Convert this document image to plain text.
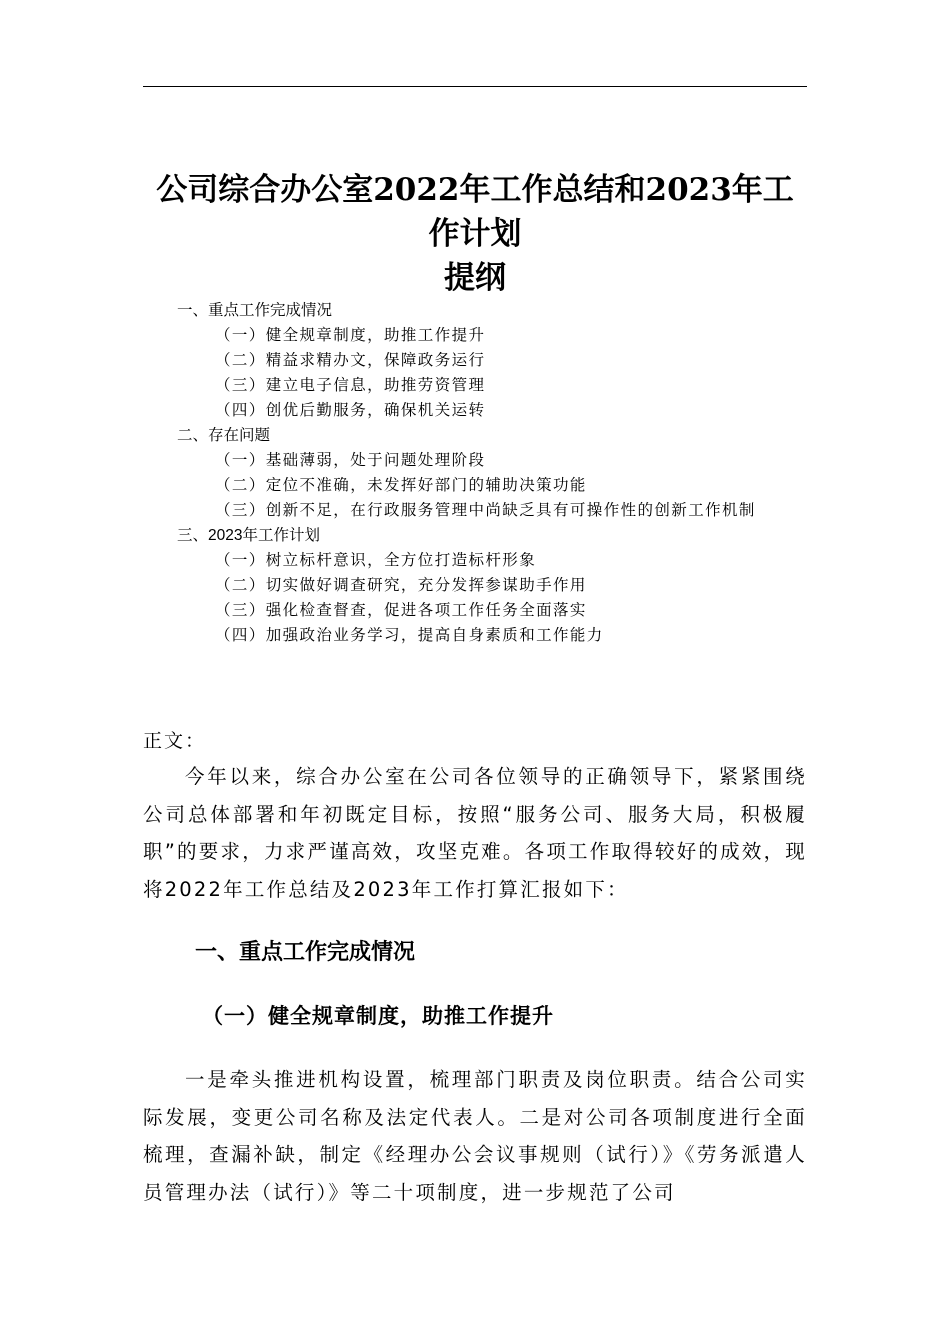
公司综合办公室2022年工作总结和2023年工
作计划
提纲
一、重点工作完成情况
（一）健全规章制度，助推工作提升
（二）精益求精办文，保障政务运行
（三）建立电子信息，助推劳资管理
（四）创优后勤服务，确保机关运转
二、存在问题
（一）基础薄弱，处于问题处理阶段
（二）定位不准确，未发挥好部门的辅助决策功能
（三）创新不足，在行政服务管理中尚缺乏具有可操作性的创新工作机制
三、2023年工作计划
（一）树立标杆意识，全方位打造标杆形象
（二）切实做好调查研究，充分发挥参谋助手作用
（三）强化检查督查，促进各项工作任务全面落实
（四）加强政治业务学习，提高自身素质和工作能力
正文：
今年以来，综合办公室在公司各位领导的正确领导下，紧紧围绕公司总体部署和年初既定目标，按照“服务公司、服务大局，积极履职”的要求，力求严谨高效，攻坚克难。各项工作取得较好的成效，现将2022年工作总结及2023年工作打算汇报如下：
一、重点工作完成情况
（一）健全规章制度，助推工作提升
一是牵头推进机构设置，梳理部门职责及岗位职责。结合公司实际发展，变更公司名称及法定代表人。二是对公司各项制度进行全面梳理，查漏补缺，制定《经理办公会议事规则（试行）》《劳务派遣人员管理办法（试行）》等二十项制度，进一步规范了公司
